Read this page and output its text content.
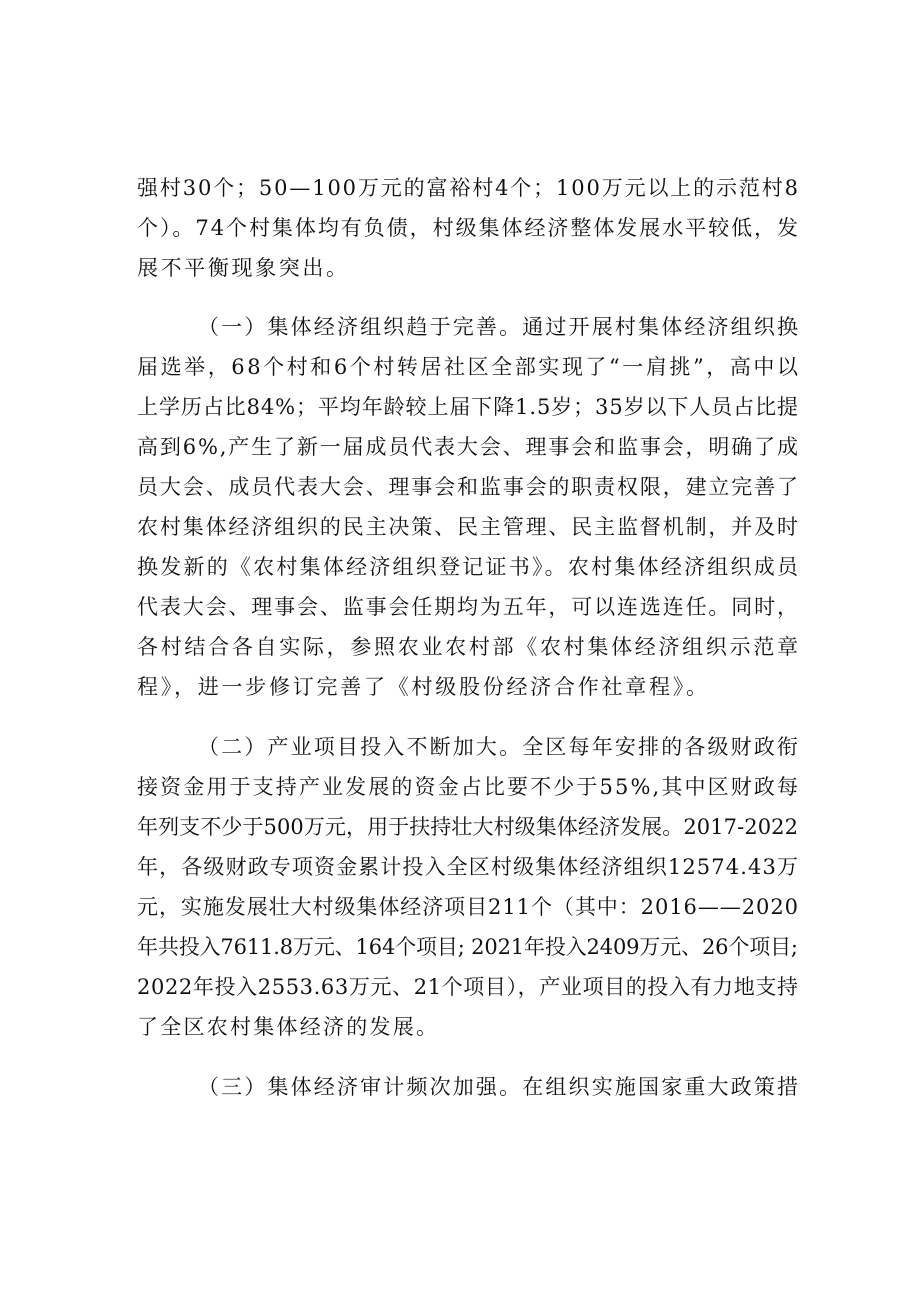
强村30个；50—100万元的富裕村4个；100万元以上的示范村8

个）。74个村集体均有负债，村级集体经济整体发展水平较低，发

展不平衡现象突出。

（一）集体经济组织趋于完善。通过开展村集体经济组织换

届选举，68个村和6个村转居社区全部实现了“一肩挑”，高中以

上学历占比84%；平均年龄较上届下降1.5岁；35岁以下人员占比提

高到6%,产生了新一届成员代表大会、理事会和监事会，明确了成

员大会、成员代表大会、理事会和监事会的职责权限，建立完善了

农村集体经济组织的民主决策、民主管理、民主监督机制，并及时

换发新的《农村集体经济组织登记证书》。农村集体经济组织成员

代表大会、理事会、监事会任期均为五年，可以连选连任。同时，

各村结合各自实际，参照农业农村部《农村集体经济组织示范章

程》，进一步修订完善了《村级股份经济合作社章程》。

（二）产业项目投入不断加大。全区每年安排的各级财政衔

接资金用于支持产业发展的资金占比要不少于55%,其中区财政每

年列支不少于500万元，用于扶持壮大村级集体经济发展。2017-2022

年，各级财政专项资金累计投入全区村级集体经济组织12574.43万

元，实施发展壮大村级集体经济项目211个（其中：2016——2020

年共投入7611.8万元、164个项目; 2021年投入2409万元、26个项目;

2022年投入2553.63万元、21个项目），产业项目的投入有力地支持

了全区农村集体经济的发展。

（三）集体经济审计频次加强。在组织实施国家重大政策措
